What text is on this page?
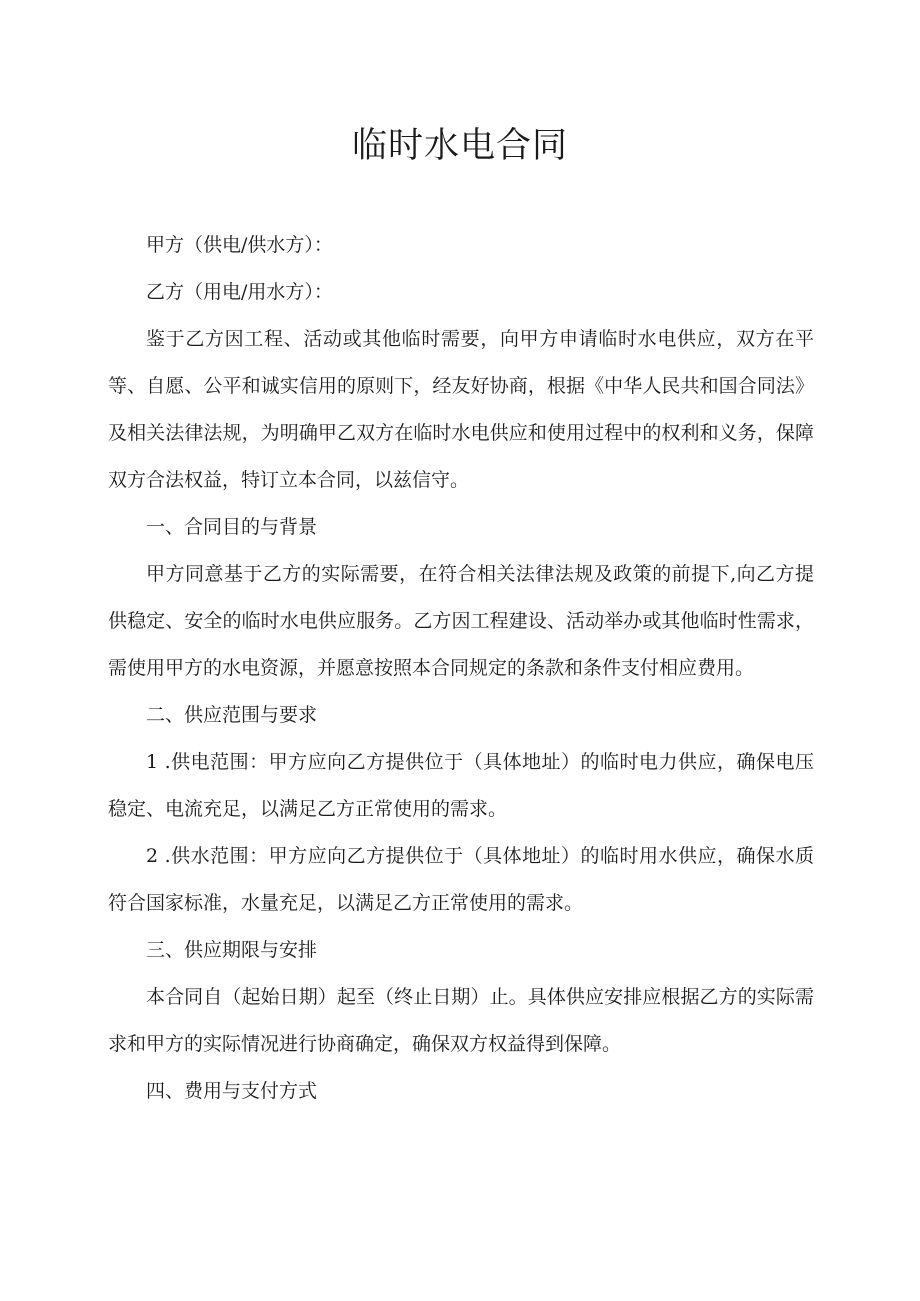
临时水电合同

甲方（供电/供水方）：

乙方（用电/用水方）：

鉴于乙方因工程、活动或其他临时需要，向甲方申请临时水电供应，双方在平等、自愿、公平和诚实信用的原则下，经友好协商，根据《中华人民共和国合同法》及相关法律法规，为明确甲乙双方在临时水电供应和使用过程中的权利和义务，保障双方合法权益，特订立本合同，以兹信守。

一、合同目的与背景

甲方同意基于乙方的实际需要，在符合相关法律法规及政策的前提下,向乙方提供稳定、安全的临时水电供应服务。乙方因工程建设、活动举办或其他临时性需求，需使用甲方的水电资源，并愿意按照本合同规定的条款和条件支付相应费用。

二、供应范围与要求

1 .供电范围：甲方应向乙方提供位于（具体地址）的临时电力供应，确保电压稳定、电流充足，以满足乙方正常使用的需求。

2 .供水范围：甲方应向乙方提供位于（具体地址）的临时用水供应，确保水质符合国家标准，水量充足，以满足乙方正常使用的需求。

三、供应期限与安排

本合同自（起始日期）起至（终止日期）止。具体供应安排应根据乙方的实际需求和甲方的实际情况进行协商确定，确保双方权益得到保障。

四、费用与支付方式
